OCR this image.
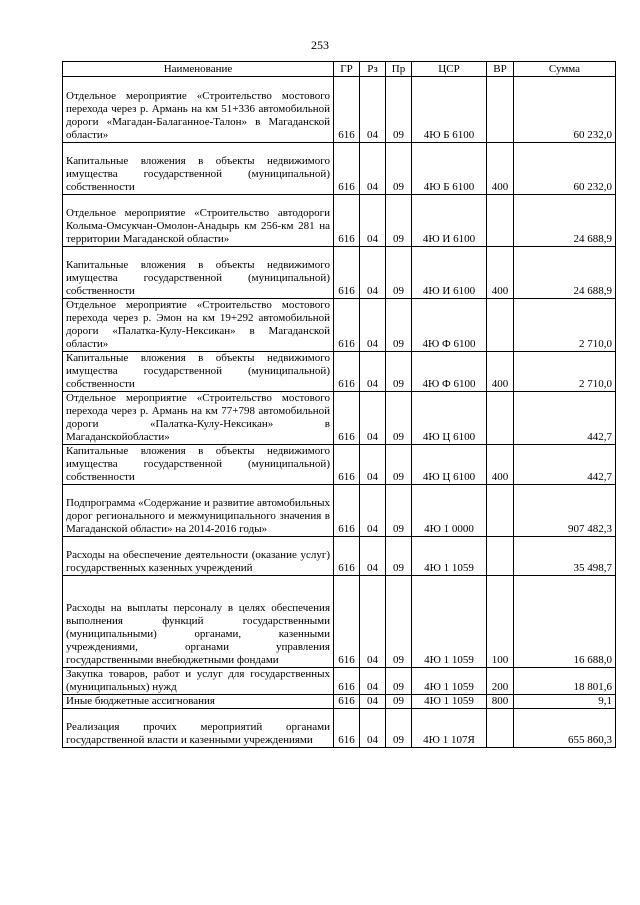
253
Наименование	ГР	Рз	Пр	ЦСР	ВР	Сумма
Отдельное мероприятие «Строительство мостового перехода через р. Армань на км 51+336 автомобильной дороги «Магадан-Балаганное-Талон» в Магаданской области»	616	04	09	4Ю Б 6100		60 232,0
Капитальные вложения в объекты недвижимого имущества государственной (муниципальной) собственности	616	04	09	4Ю Б 6100	400	60 232,0
Отдельное мероприятие «Строительство автодороги Колыма-Омсукчан-Омолон-Анадырь км 256-км 281 на территории Магаданской области»	616	04	09	4Ю И 6100		24 688,9
Капитальные вложения в объекты недвижимого имущества государственной (муниципальной) собственности	616	04	09	4Ю И 6100	400	24 688,9
Отдельное мероприятие «Строительство мостового перехода через р. Эмон на км 19+292 автомобильной дороги «Палатка-Кулу-Нексикан» в Магаданской области»	616	04	09	4Ю Ф 6100		2 710,0
Капитальные вложения в объекты недвижимого имущества государственной (муниципальной) собственности	616	04	09	4Ю Ф 6100	400	2 710,0
Отдельное мероприятие «Строительство мостового перехода через р. Армань на км 77+798 автомобильной дороги «Палатка-Кулу-Нексикан» в Магаданскойобласти»	616	04	09	4Ю Ц 6100		442,7
Капитальные вложения в объекты недвижимого имущества государственной (муниципальной) собственности	616	04	09	4Ю Ц 6100	400	442,7
Подпрограмма «Содержание и развитие автомобильных дорог регионального и межмуниципального значения в Магаданской области» на 2014-2016 годы»	616	04	09	4Ю 1 0000		907 482,3
Расходы на обеспечение деятельности (оказание услуг) государственных казенных учреждений	616	04	09	4Ю 1 1059		35 498,7
Расходы на выплаты персоналу в целях обеспечения выполнения функций государственными (муниципальными) органами, казенными учреждениями, органами управления государственными внебюджетными фондами	616	04	09	4Ю 1 1059	100	16 688,0
Закупка товаров, работ и услуг для государственных (муниципальных) нужд	616	04	09	4Ю 1 1059	200	18 801,6
Иные бюджетные ассигнования	616	04	09	4Ю 1 1059	800	9,1
Реализация прочих мероприятий органами государственной власти и казенными учреждениями	616	04	09	4Ю 1 107Я		655 860,3
